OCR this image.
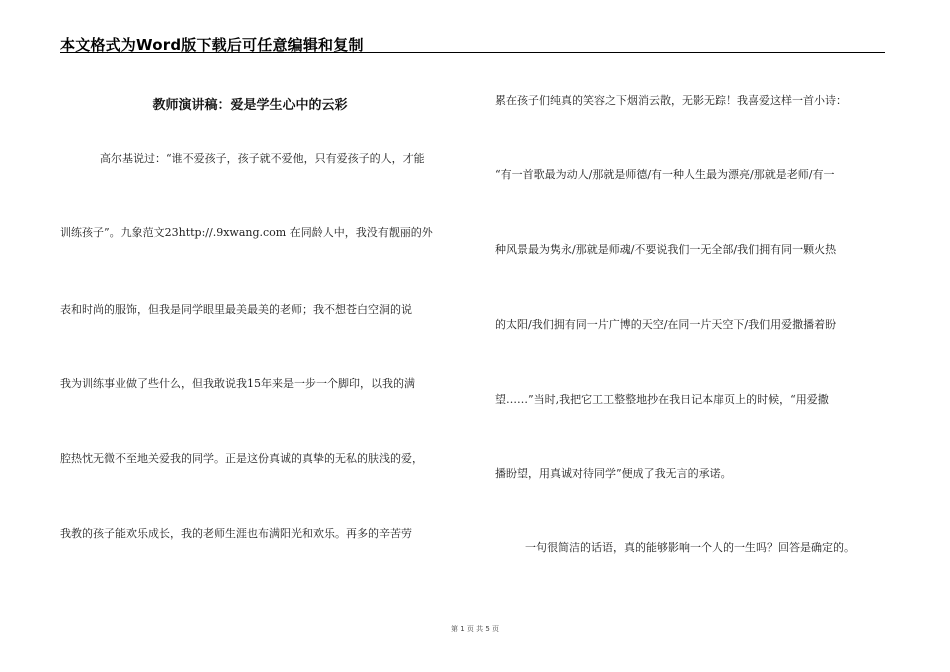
本文格式为Word版下载后可任意编辑和复制
教师演讲稿：爱是学生心中的云彩
高尔基说过：“谁不爱孩子，孩子就不爱他，只有爱孩子的人，才能
训练孩子”。九象范文23http://.9xwang.com 在同龄人中，我没有靓丽的外
表和时尚的服饰，但我是同学眼里最美最美的老师；我不想苍白空洞的说
我为训练事业做了些什么，但我敢说我15年来是一步一个脚印，以我的满
腔热忱无微不至地关爱我的同学。正是这份真诚的真挚的无私的肤浅的爱，
我教的孩子能欢乐成长，我的老师生涯也布满阳光和欢乐。再多的辛苦劳
累在孩子们纯真的笑容之下烟消云散，无影无踪！我喜爱这样一首小诗：
“有一首歌最为动人/那就是师德/有一种人生最为漂亮/那就是老师/有一
种风景最为隽永/那就是师魂/不要说我们一无全部/我们拥有同一颗火热
的太阳/我们拥有同一片广博的天空/在同一片天空下/我们用爱撒播着盼
望……”当时,我把它工工整整地抄在我日记本扉页上的时候，“用爱撒
播盼望，用真诚对待同学”便成了我无言的承诺。
一句很简洁的话语，真的能够影响一个人的一生吗？回答是确定的。
第 1 页 共 5 页
